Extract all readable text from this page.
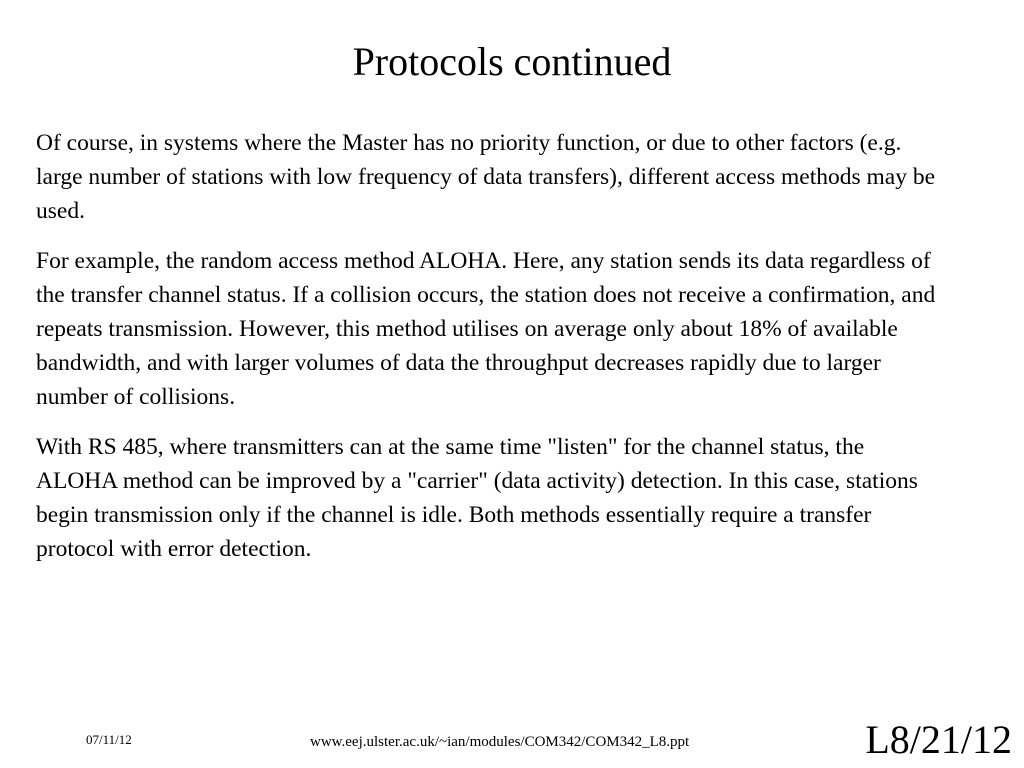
Protocols continued

Of course, in systems where the Master has no priority function, or due to other factors (e.g. large number of stations with low frequency of data transfers), different access methods may be used.

For example, the random access method ALOHA. Here, any station sends its data regardless of the transfer channel status. If a collision occurs, the station does not receive a confirmation, and repeats transmission. However, this method utilises on average only about 18% of available bandwidth, and with larger volumes of data the throughput decreases rapidly due to larger number of collisions.

With RS 485, where transmitters can at the same time "listen" for the channel status, the ALOHA method can be improved by a "carrier" (data activity) detection. In this case, stations begin transmission only if the channel is idle. Both methods essentially require a transfer protocol with error detection.

07/11/12	www.eej.ulster.ac.uk/~ian/modules/COM342/COM342_L8.ppt	L8/21/12
